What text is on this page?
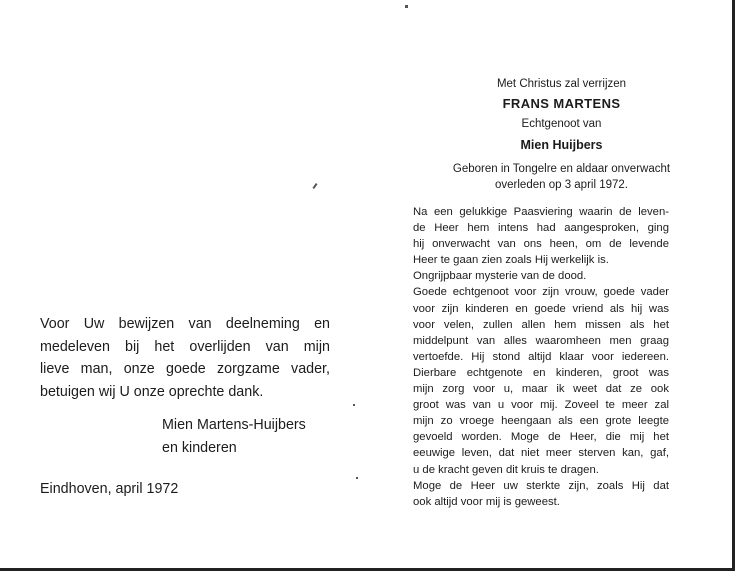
Voor Uw bewijzen van deelneming en
medeleven bij het overlijden van mijn
lieve man, onze goede zorgzame vader,
betuigen wij U onze oprechte dank.
Mien Martens-Huijbers
en kinderen
Eindhoven, april 1972
Met Christus zal verrijzen
FRANS MARTENS
Echtgenoot van
Mien Huijbers
Geboren in Tongelre en aldaar onverwacht
overleden op 3 april 1972.
Na een gelukkige Paasviering waarin de leven-
de Heer hem intens had aangesproken, ging
hij onverwacht van ons heen, om de levende
Heer te gaan zien zoals Hij werkelijk is.
Ongrijpbaar mysterie van de dood.
Goede echtgenoot voor zijn vrouw, goede vader
voor zijn kinderen en goede vriend als hij was
voor velen, zullen allen hem missen als het
middelpunt van alles waaromheen men graag
vertoefde. Hij stond altijd klaar voor iedereen.
Dierbare echtgenote en kinderen, groot was
mijn zorg voor u, maar ik weet dat ze ook
groot was van u voor mij. Zoveel te meer zal
mijn zo vroege heengaan als een grote leegte
gevoeld worden. Moge de Heer, die mij het
eeuwige leven, dat niet meer sterven kan, gaf,
u de kracht geven dit kruis te dragen.
Moge de Heer uw sterkte zijn, zoals Hij dat
ook altijd voor mij is geweest.
